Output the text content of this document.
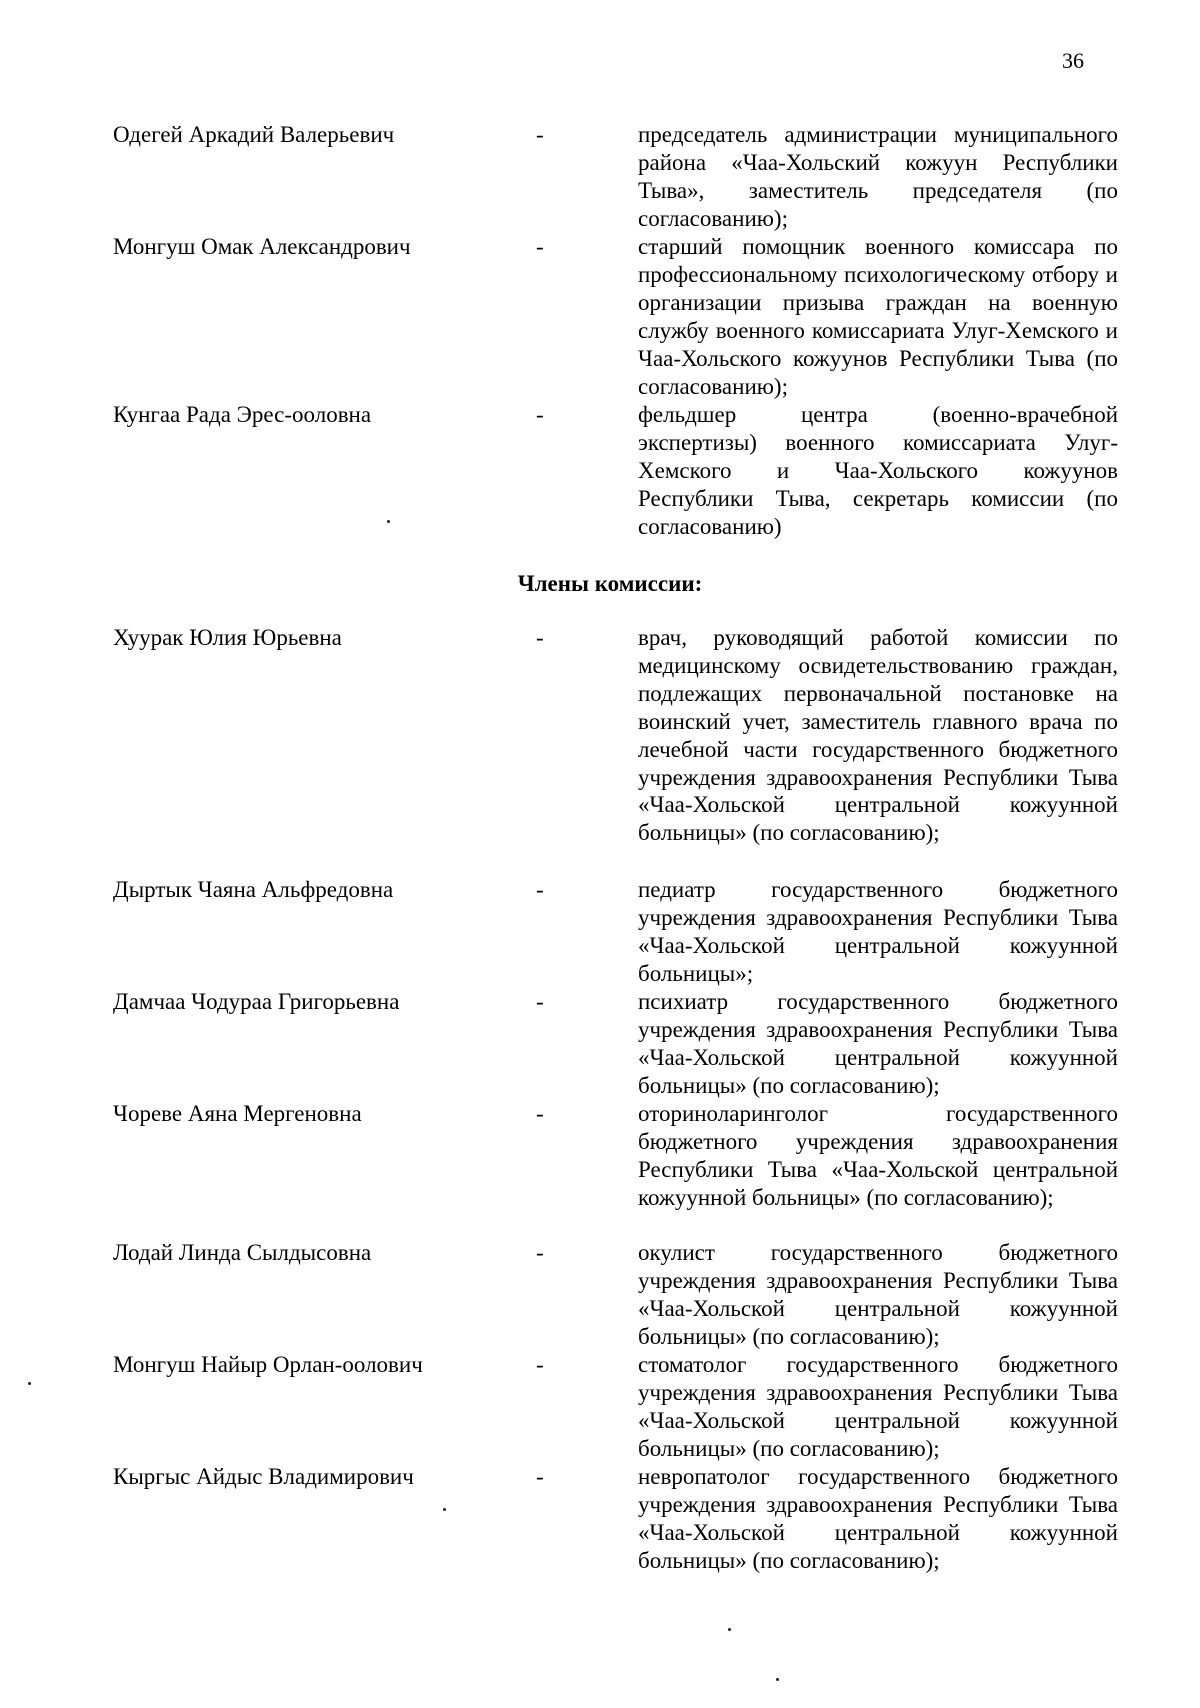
36
Одегей Аркадий Валерьевич	-	председатель администрации муниципального района «Чаа-Хольский кожуун Республики Тыва», заместитель председателя (по согласованию);
Монгуш Омак Александрович	-	старший помощник военного комиссара по профессиональному психологическому отбору и организации призыва граждан на военную службу военного комиссариата Улуг-Хемского и Чаа-Хольского кожуунов Республики Тыва (по согласованию);
Кунгаа Рада Эрес-ооловна	-	фельдшер центра (военно-врачебной экспертизы) военного комиссариата Улуг-Хемского и Чаа-Хольского кожуунов Республики Тыва, секретарь комиссии (по согласованию)
Члены комиссии:
Хуурак Юлия Юрьевна	-	врач, руководящий работой комиссии по медицинскому освидетельствованию граждан, подлежащих первоначальной постановке на воинский учет, заместитель главного врача по лечебной части государственного бюджетного учреждения здравоохранения Республики Тыва «Чаа-Хольской центральной кожуунной больницы» (по согласованию);
Дыртык Чаяна Альфредовна	-	педиатр государственного бюджетного учреждения здравоохранения Республики Тыва «Чаа-Хольской центральной кожуунной больницы»;
Дамчаа Чодураа Григорьевна	-	психиатр государственного бюджетного учреждения здравоохранения Республики Тыва «Чаа-Хольской центральной кожуунной больницы» (по согласованию);
Чореве Аяна Мергеновна	-	оториноларинголог государственного бюджетного учреждения здравоохранения Республики Тыва «Чаа-Хольской центральной кожуунной больницы» (по согласованию);
Лодай Линда Сылдысовна	-	окулист государственного бюджетного учреждения здравоохранения Республики Тыва «Чаа-Хольской центральной кожуунной больницы» (по согласованию);
Монгуш Найыр Орлан-оолович	-	стоматолог государственного бюджетного учреждения здравоохранения Республики Тыва «Чаа-Хольской центральной кожуунной больницы» (по согласованию);
Кыргыс Айдыс Владимирович	-	невропатолог государственного бюджетного учреждения здравоохранения Республики Тыва «Чаа-Хольской центральной кожуунной больницы» (по согласованию);
